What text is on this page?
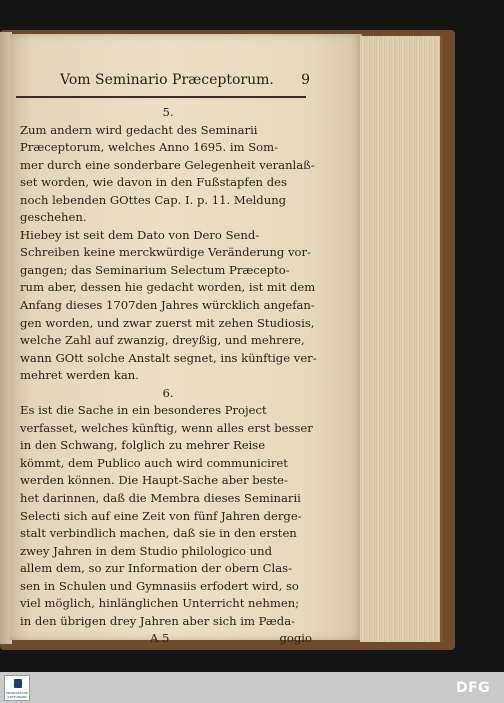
Vom Seminario Præceptorum. 9
5.
Zum andern wird gedacht des Seminarii
Præceptorum, welches Anno 1695. im Som-
mer durch eine sonderbare Gelegenheit veranlaß-
set worden, wie davon in den Fußstapfen des
noch lebenden GOttes Cap. I. p. 11. Meldung
geschehen.
Hiebey ist seit dem Dato von Dero Send-
Schreiben keine merckwürdige Veränderung vor-
gangen; das Seminarium Selectum Præcepto-
rum aber, dessen hie gedacht worden, ist mit dem
Anfang dieses 1707den Jahres würcklich angefan-
gen worden, und zwar zuerst mit zehen Studiosis,
welche Zahl auf zwanzig, dreyßig, und mehrere,
wann GOtt solche Anstalt segnet, ins künftige ver-
mehret werden kan.
6.
Es ist die Sache in ein besonderes Project
verfasset, welches künftig, wenn alles erst besser
in den Schwang, folglich zu mehrer Reise
kömmt, dem Publico auch wird communiciret
werden können. Die Haupt-Sache aber beste-
het darinnen, daß die Membra dieses Seminarii
Selecti sich auf eine Zeit von fünf Jahren derge-
stalt verbindlich machen, daß sie in den ersten
zwey Jahren in dem Studio philologico und
allem dem, so zur Information der obern Clas-
sen in Schulen und Gymnasiis erfodert wird, so
viel möglich, hinlänglichen Unterricht nehmen;
in den übrigen drey Jahren aber sich im Pæda-
A 5	gogio
FRANCKESCHE STIFTUNGEN
DFG
